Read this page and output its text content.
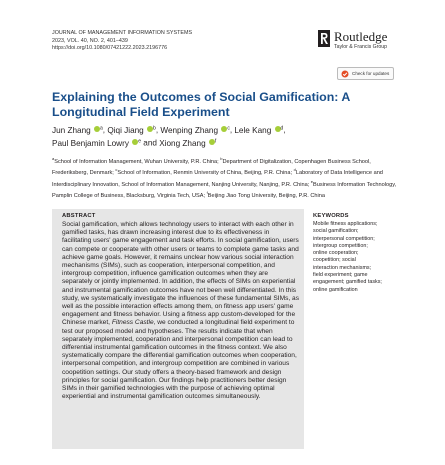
JOURNAL OF MANAGEMENT INFORMATION SYSTEMS
2023, VOL. 40, NO. 2, 401–439
https://doi.org/10.1080/07421222.2023.2196776
Routledge
Taylor & Francis Group
Check for updates
Explaining the Outcomes of Social Gamification: A Longitudinal Field Experiment
Jun Zhang $^a$, Qiqi Jiang $^b$, Wenping Zhang $^c$, Lele Kang $^d$,
Paul Benjamin Lowry $^e$ and Xiong Zhang $^f$
$^a$School of Information Management, Wuhan University, P.R. China; $^b$Department of Digitalization, Copenhagen Business School, Frederiksberg, Denmark; $^c$School of Information, Renmin University of China, Beijing, P.R. China; $^d$Laboratory of Data Intelligence and Interdisciplinary Innovation, School of Information Management, Nanjing University, Nanjing, P.R. China; $^e$Business Information Technology, Pamplin College of Business, Blacksburg, Virginia Tech, USA; $^f$Beijing Jiao Tong University, Beijing, P.R. China
ABSTRACT

Social gamification, which allows technology users to interact with each other in gamified tasks, has drawn increasing interest due to its effectiveness in facilitating users' game engagement and task efforts. In social gamification, users can compete or cooperate with other users or teams to complete game tasks and achieve game goals. However, it remains unclear how various social interaction mechanisms (SIMs), such as cooperation, interpersonal competition, and intergroup competition, influence gamification outcomes when they are separately or jointly implemented. In addition, the effects of SIMs on experiential and instrumental gamification outcomes have not been well differentiated. In this study, we systematically investigate the influences of these fundamental SIMs, as well as the possible interaction effects among them, on fitness app users' game engagement and fitness behavior. Using a fitness app custom-developed for the Chinese market, Fitness Castle, we conducted a longitudinal field experiment to test our proposed model and hypotheses. The results indicate that when separately implemented, cooperation and interpersonal competition can lead to differential instrumental gamification outcomes in the fitness context. We also systematically compare the differential gamification outcomes when cooperation, interpersonal competition, and intergroup competition are combined in various coopetition settings. Our study offers a theory-based framework and design principles for social gamification. Our findings help practitioners better design SIMs in their gamified technologies with the purpose of achieving optimal experiential and instrumental gamification outcomes simultaneously.

KEYWORDS
Mobile fitness applications;
social gamification;
interpersonal competition;
intergroup competition;
online cooperation;
coopetition; social
interaction mechanisms;
field experiment; game
engagement; gamified tasks;
online gamification
